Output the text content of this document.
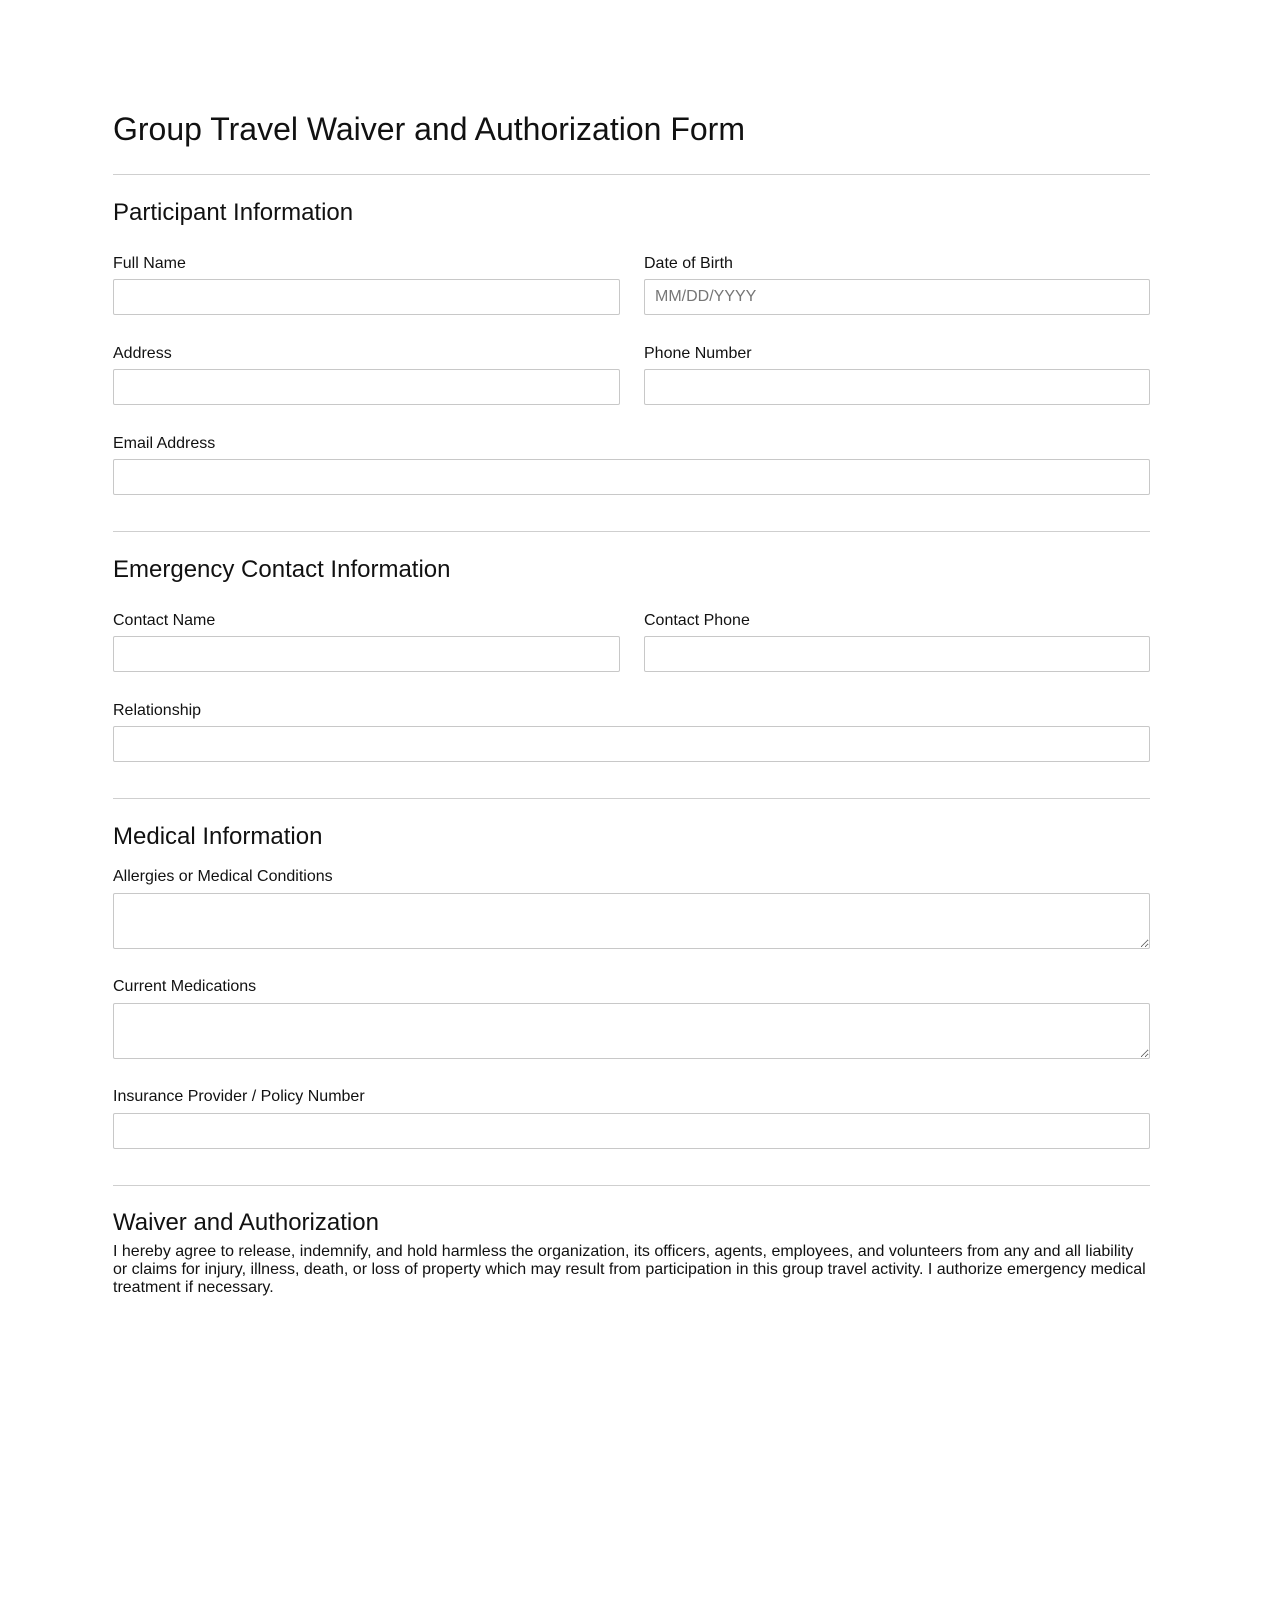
Group Travel Waiver and Authorization Form
Participant Information
Full Name	Date of Birth
MM/DD/YYYY
Address	Phone Number
Email Address
Emergency Contact Information
Contact Name	Contact Phone
Relationship
Medical Information
Allergies or Medical Conditions
Current Medications
Insurance Provider / Policy Number
Waiver and Authorization

I hereby agree to release, indemnify, and hold harmless the organization, its officers, agents, employees, and volunteers from any and all liability or claims for injury, illness, death, or loss of property which may result from participation in this group travel activity. I authorize emergency medical treatment if necessary.
